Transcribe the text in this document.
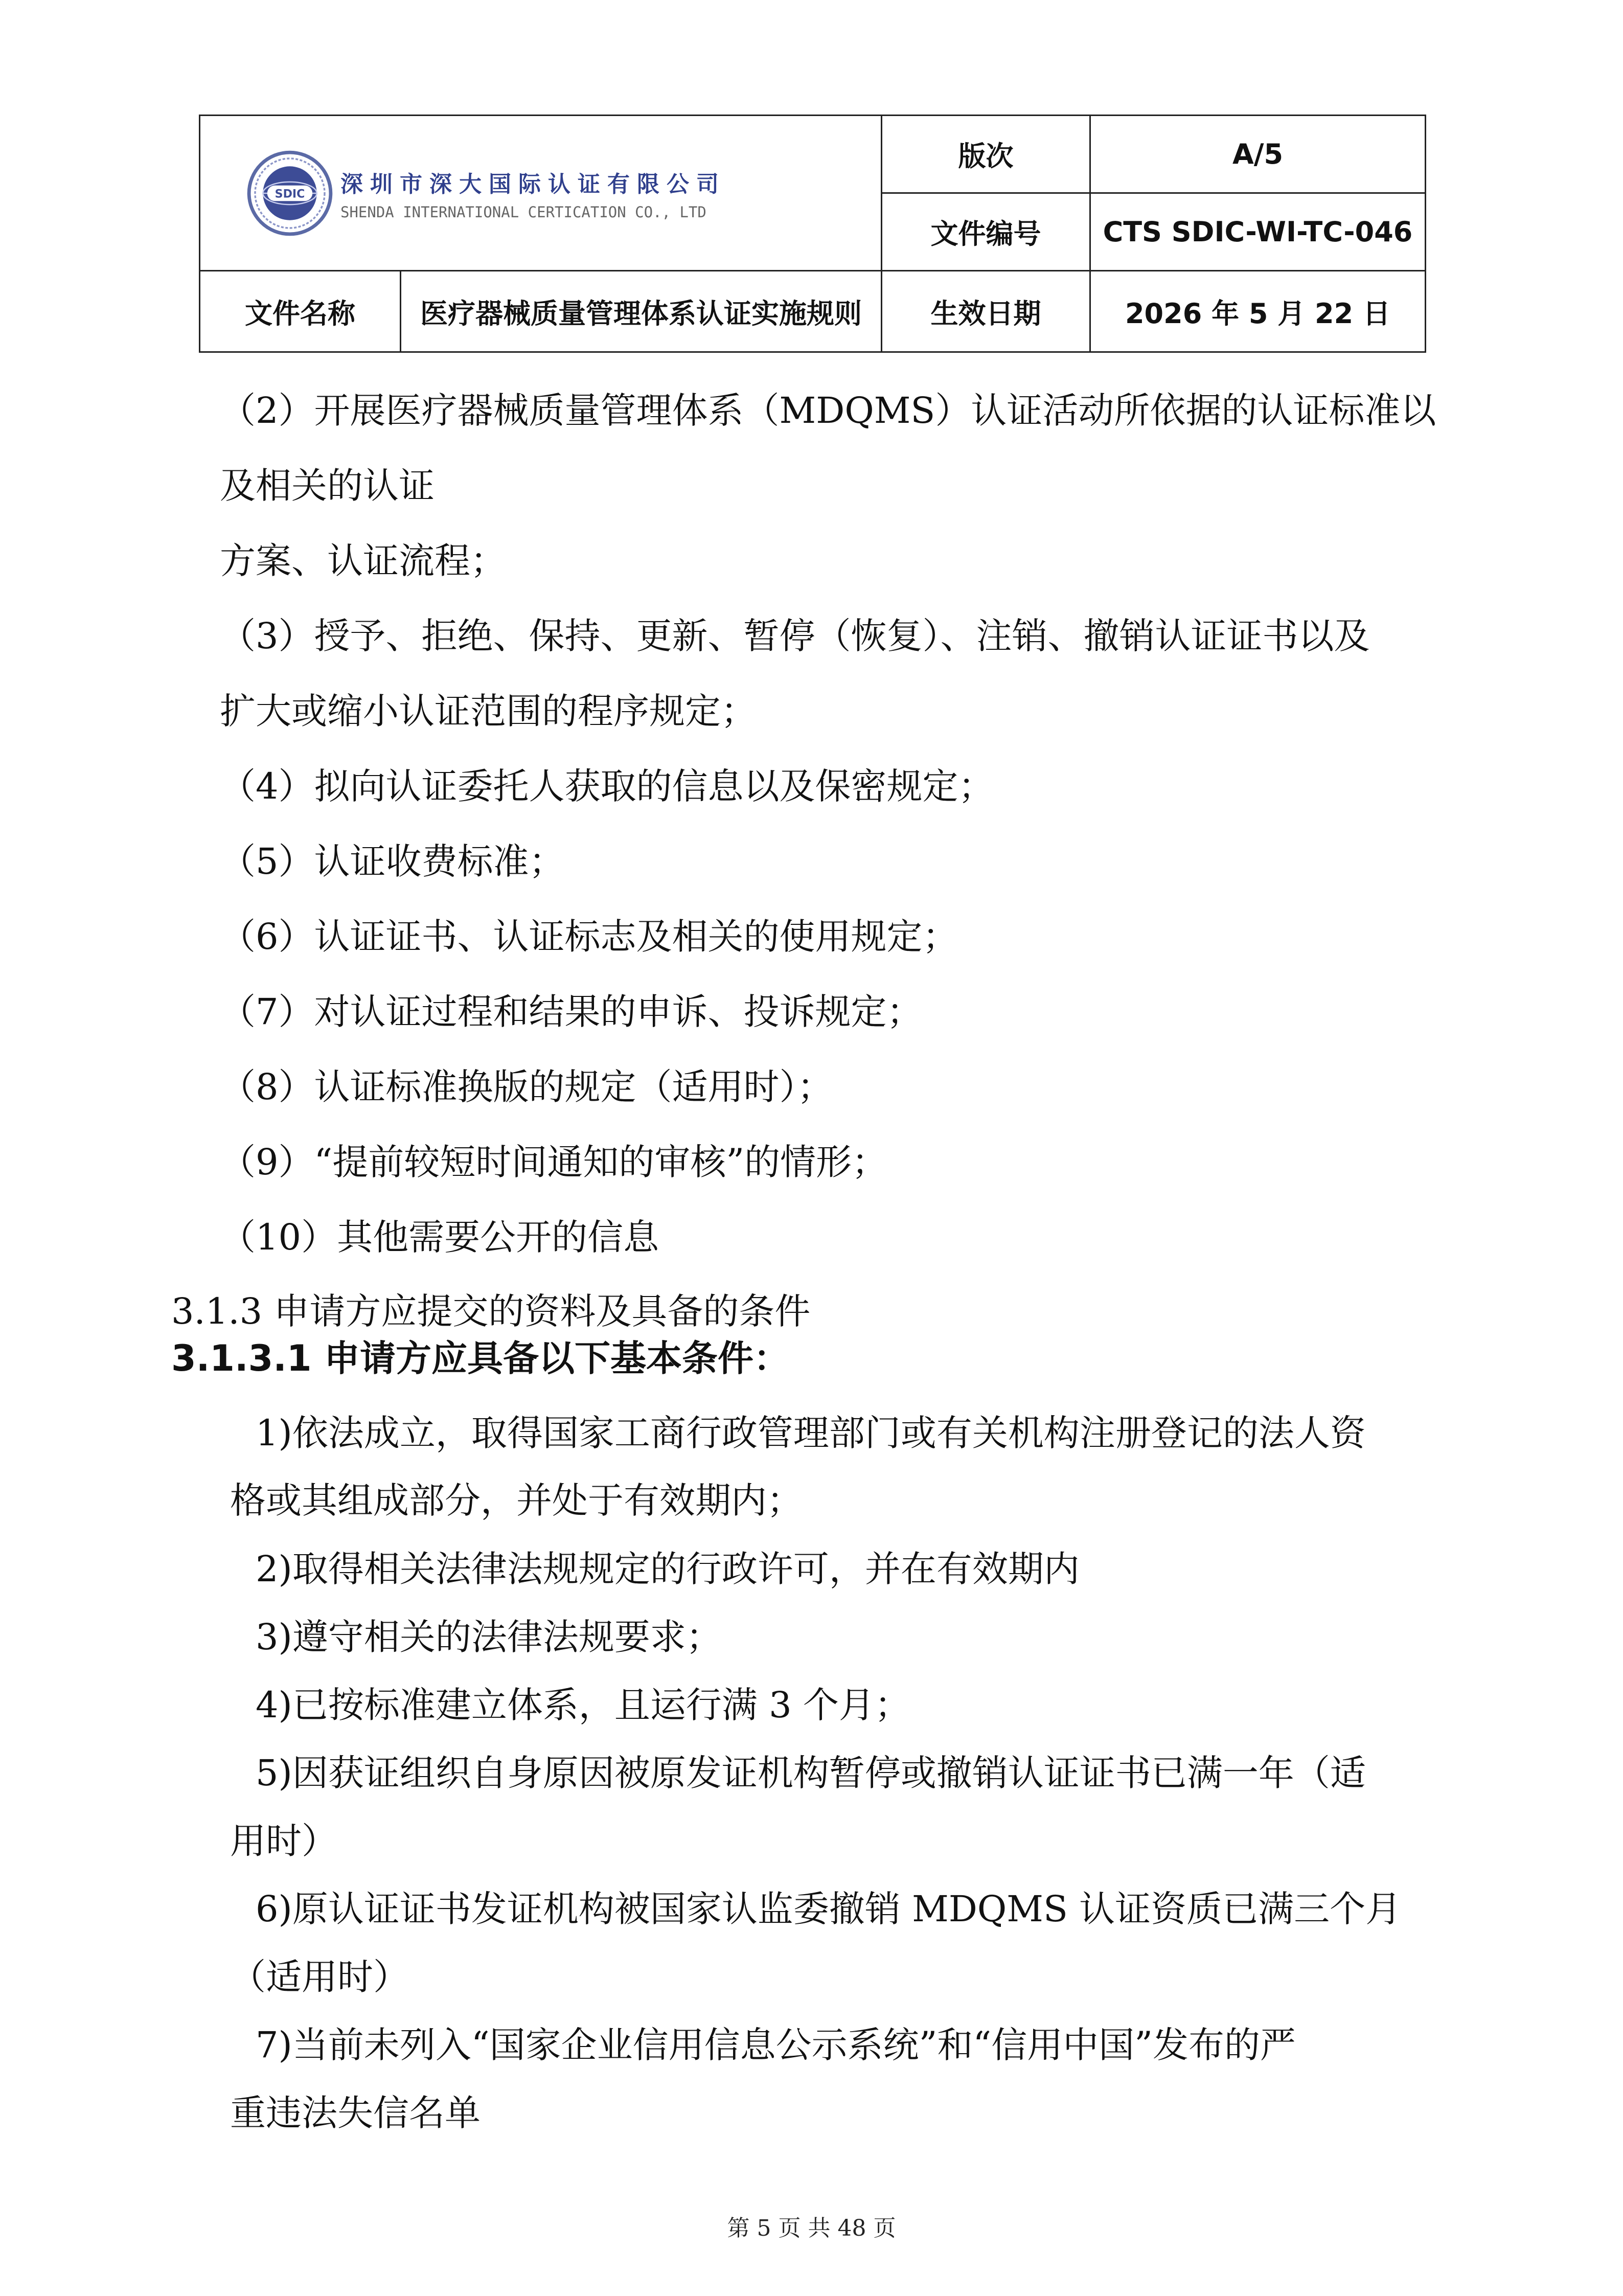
SDIC 深圳市深大国际认证有限公司
SHENDA INTERNATIONAL CERTICATION CO., LTD		版次	A/5
		文件编号	CTS SDIC-WI-TC-046
文件名称	医疗器械质量管理体系认证实施规则	生效日期	2026 年 5 月 22 日
（2）开展医疗器械质量管理体系（MDQMS）认证活动所依据的认证标准以
及相关的认证
方案、认证流程；
（3）授予、拒绝、保持、更新、暂停（恢复）、注销、撤销认证证书以及
扩大或缩小认证范围的程序规定；
（4）拟向认证委托人获取的信息以及保密规定；
（5）认证收费标准；
（6）认证证书、认证标志及相关的使用规定；
（7）对认证过程和结果的申诉、投诉规定；
（8）认证标准换版的规定（适用时）；
（9）“提前较短时间通知的审核”的情形；
（10）其他需要公开的信息
3.1.3 申请方应提交的资料及具备的条件
3.1.3.1 申请方应具备以下基本条件：
1)依法成立，取得国家工商行政管理部门或有关机构注册登记的法人资
格或其组成部分，并处于有效期内；
2)取得相关法律法规规定的行政许可，并在有效期内
3)遵守相关的法律法规要求；
4)已按标准建立体系，且运行满 3 个月；
5)因获证组织自身原因被原发证机构暂停或撤销认证证书已满一年（适
用时）
6)原认证证书发证机构被国家认监委撤销 MDQMS 认证资质已满三个月
（适用时）
7)当前未列入“国家企业信用信息公示系统”和“信用中国”发布的严
重违法失信名单
第 5 页 共 48 页
